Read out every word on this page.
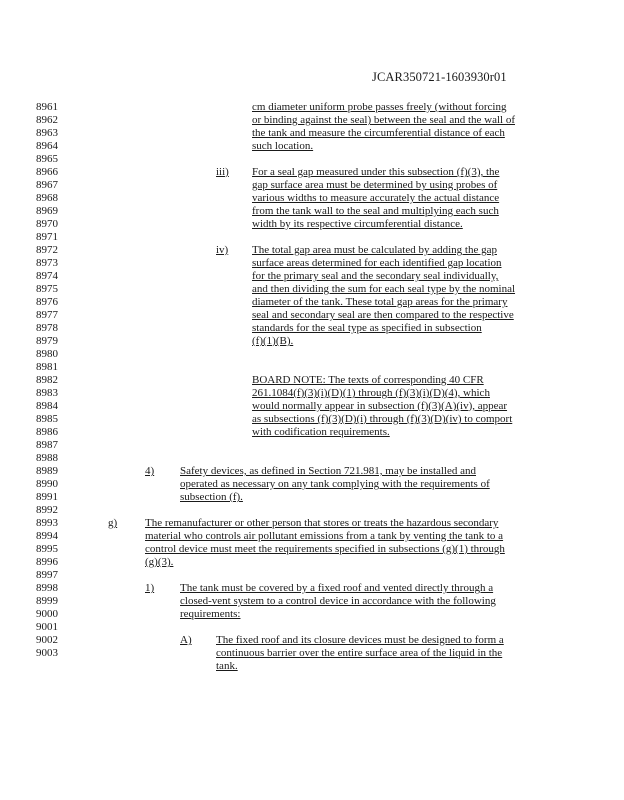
JCAR350721-1603930r01
8961
8962
8963
8964
8965
8966
8967
8968
8969
8970
8971
8972
8973
8974
8975
8976
8977
8978
8979
8980
8981
8982
8983
8984
8985
8986
8987
8988
8989
8990
8991
8992
8993
8994
8995
8996
8997
8998
8999
9000
9001
9002
9003
cm diameter uniform probe passes freely (without forcing
or binding against the seal) between the seal and the wall of
the tank and measure the circumferential distance of each
such location.
iii) For a seal gap measured under this subsection (f)(3), the
gap surface area must be determined by using probes of
various widths to measure accurately the actual distance
from the tank wall to the seal and multiplying each such
width by its respective circumferential distance.
iv) The total gap area must be calculated by adding the gap
surface areas determined for each identified gap location
for the primary seal and the secondary seal individually,
and then dividing the sum for each seal type by the nominal
diameter of the tank. These total gap areas for the primary
seal and secondary seal are then compared to the respective
standards for the seal type as specified in subsection
(f)(1)(B).
BOARD NOTE: The texts of corresponding 40 CFR
261.1084(f)(3)(i)(D)(1) through (f)(3)(i)(D)(4), which
would normally appear in subsection (f)(3)(A)(iv), appear
as subsections (f)(3)(D)(i) through (f)(3)(D)(iv) to comport
with codification requirements.
4) Safety devices, as defined in Section 721.981, may be installed and
operated as necessary on any tank complying with the requirements of
subsection (f).
g)	The remanufacturer or other person that stores or treats the hazardous secondary
material who controls air pollutant emissions from a tank by venting the tank to a
control device must meet the requirements specified in subsections (g)(1) through
(g)(3).
1) The tank must be covered by a fixed roof and vented directly through a
closed-vent system to a control device in accordance with the following
requirements:
A) The fixed roof and its closure devices must be designed to form a
continuous barrier over the entire surface area of the liquid in the
tank.
